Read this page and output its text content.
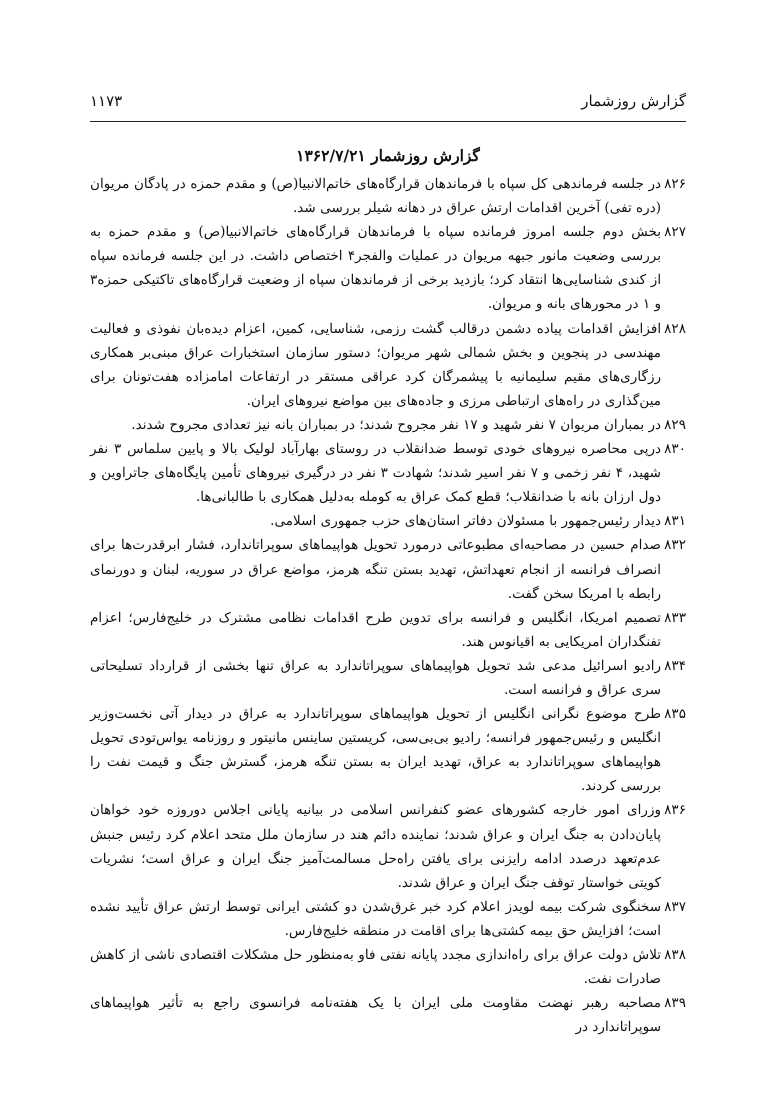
گزارش روزشمار
۱۱۷۳
گزارش روزشمار ۱۳۶۲/۷/۲۱
۸۲۶
در جلسه فرماندهی کل سپاه با فرماندهان قرارگاه‌های خاتم‌الانبیا(ص) و مقدم حمزه در پادگان مریوان (دره تفی) آخرین اقدامات ارتش عراق در دهانه شیلر بررسی شد.
۸۲۷
بخش دوم جلسه امروز فرمانده سپاه با فرماندهان قرارگاه‌های خاتم‌الانبیا(ص) و مقدم حمزه به بررسی وضعیت مانور جبهه مریوان در عملیات والفجر۴ اختصاص داشت. در این جلسه فرمانده سپاه از کندی شناسایی‌ها انتقاد کرد؛ بازدید برخی از فرماندهان سپاه از وضعیت قرارگاه‌های تاکتیکی حمزه۳ و ۱ در محورهای بانه و مریوان.
۸۲۸
افزایش اقدامات پیاده دشمن درقالب گشت رزمی، شناسایی، کمین، اعزام دیده‌بان نفوذی و فعالیت مهندسی در پنجوین و بخش شمالی شهر مریوان؛ دستور سازمان استخبارات عراق مبنی‌بر همکاری رزگاری‌های مقیم سلیمانیه با پیشمرگان کرد عراقی مستقر در ارتفاعات امامزاده هفت‌تونان برای مین‌گذاری در راه‌های ارتباطی مرزی و جاده‌های بین مواضع نیروهای ایران.
۸۲۹
در بمباران مریوان ۷ نفر شهید و ۱۷ نفر مجروح شدند؛ در بمباران بانه نیز تعدادی مجروح شدند.
۸۳۰
درپی محاصره نیروهای خودی توسط ضدانقلاب در روستای بهارآباد لولیک بالا و پایین سلماس ۳ نفر شهید، ۴ نفر زخمی و ۷ نفر اسیر شدند؛ شهادت ۳ نفر در درگیری نیروهای تأمین پایگاه‌های جاتراوین و دول ارزان بانه با ضدانقلاب؛ قطع کمک عراق به کومله به‌دلیل همکاری با طالبانی‌ها.
۸۳۱
دیدار رئیس‌جمهور با مسئولان دفاتر استان‌های حزب جمهوری اسلامی.
۸۳۲
صدام حسین در مصاحبه‌ای مطبوعاتی درمورد تحویل هواپیماهای سوپراتاندارد، فشار ابرقدرت‌ها برای انصراف فرانسه از انجام تعهداتش، تهدید بستن تنگه هرمز، مواضع عراق در سوریه، لبنان و دورنمای رابطه با امریکا سخن گفت.
۸۳۳
تصمیم امریکا، انگلیس و فرانسه برای تدوین طرح اقدامات نظامی مشترک در خلیج‌فارس؛ اعزام تفنگداران امریکایی به اقیانوس هند.
۸۳۴
رادیو اسرائیل مدعی شد تحویل هواپیماهای سوپراتاندارد به عراق تنها بخشی از قرارداد تسلیحاتی سری عراق و فرانسه است.
۸۳۵
طرح موضوع نگرانی انگلیس از تحویل هواپیماهای سوپراتاندارد به عراق در دیدار آتی نخست‌وزیر انگلیس و رئیس‌جمهور فرانسه؛ رادیو بی‌بی‌سی، کریستین ساینس مانیتور و روزنامه یو‌اس‌تودی تحویل هواپیماهای سوپراتاندارد به عراق، تهدید ایران به بستن تنگه هرمز، گسترش جنگ و قیمت نفت را بررسی کردند.
۸۳۶
وزرای امور خارجه کشورهای عضو کنفرانس اسلامی در بیانیه پایانی اجلاس دوروزه خود خواهان پایان‌دادن به جنگ ایران و عراق شدند؛ نماینده دائم هند در سازمان ملل متحد اعلام کرد رئیس جنبش عدم‌تعهد درصدد ادامه رایزنی برای یافتن راه‌حل مسالمت‌آمیز جنگ ایران و عراق است؛ نشریات کویتی خواستار توقف جنگ ایران و عراق شدند.
۸۳۷
سخنگوی شرکت بیمه لویدز اعلام کرد خبر غرق‌شدن دو کشتی ایرانی توسط ارتش عراق تأیید نشده است؛ افزایش حق بیمه کشتی‌ها برای اقامت در منطقه خلیج‌فارس.
۸۳۸
تلاش دولت عراق برای راه‌اندازی مجدد پایانه نفتی فاو به‌منظور حل مشکلات اقتصادی ناشی از کاهش صادرات نفت.
۸۳۹
مصاحبه رهبر نهضت مقاومت ملی ایران با یک هفته‌نامه فرانسوی راجع به تأثیر هواپیماهای سوپراتاندارد در
